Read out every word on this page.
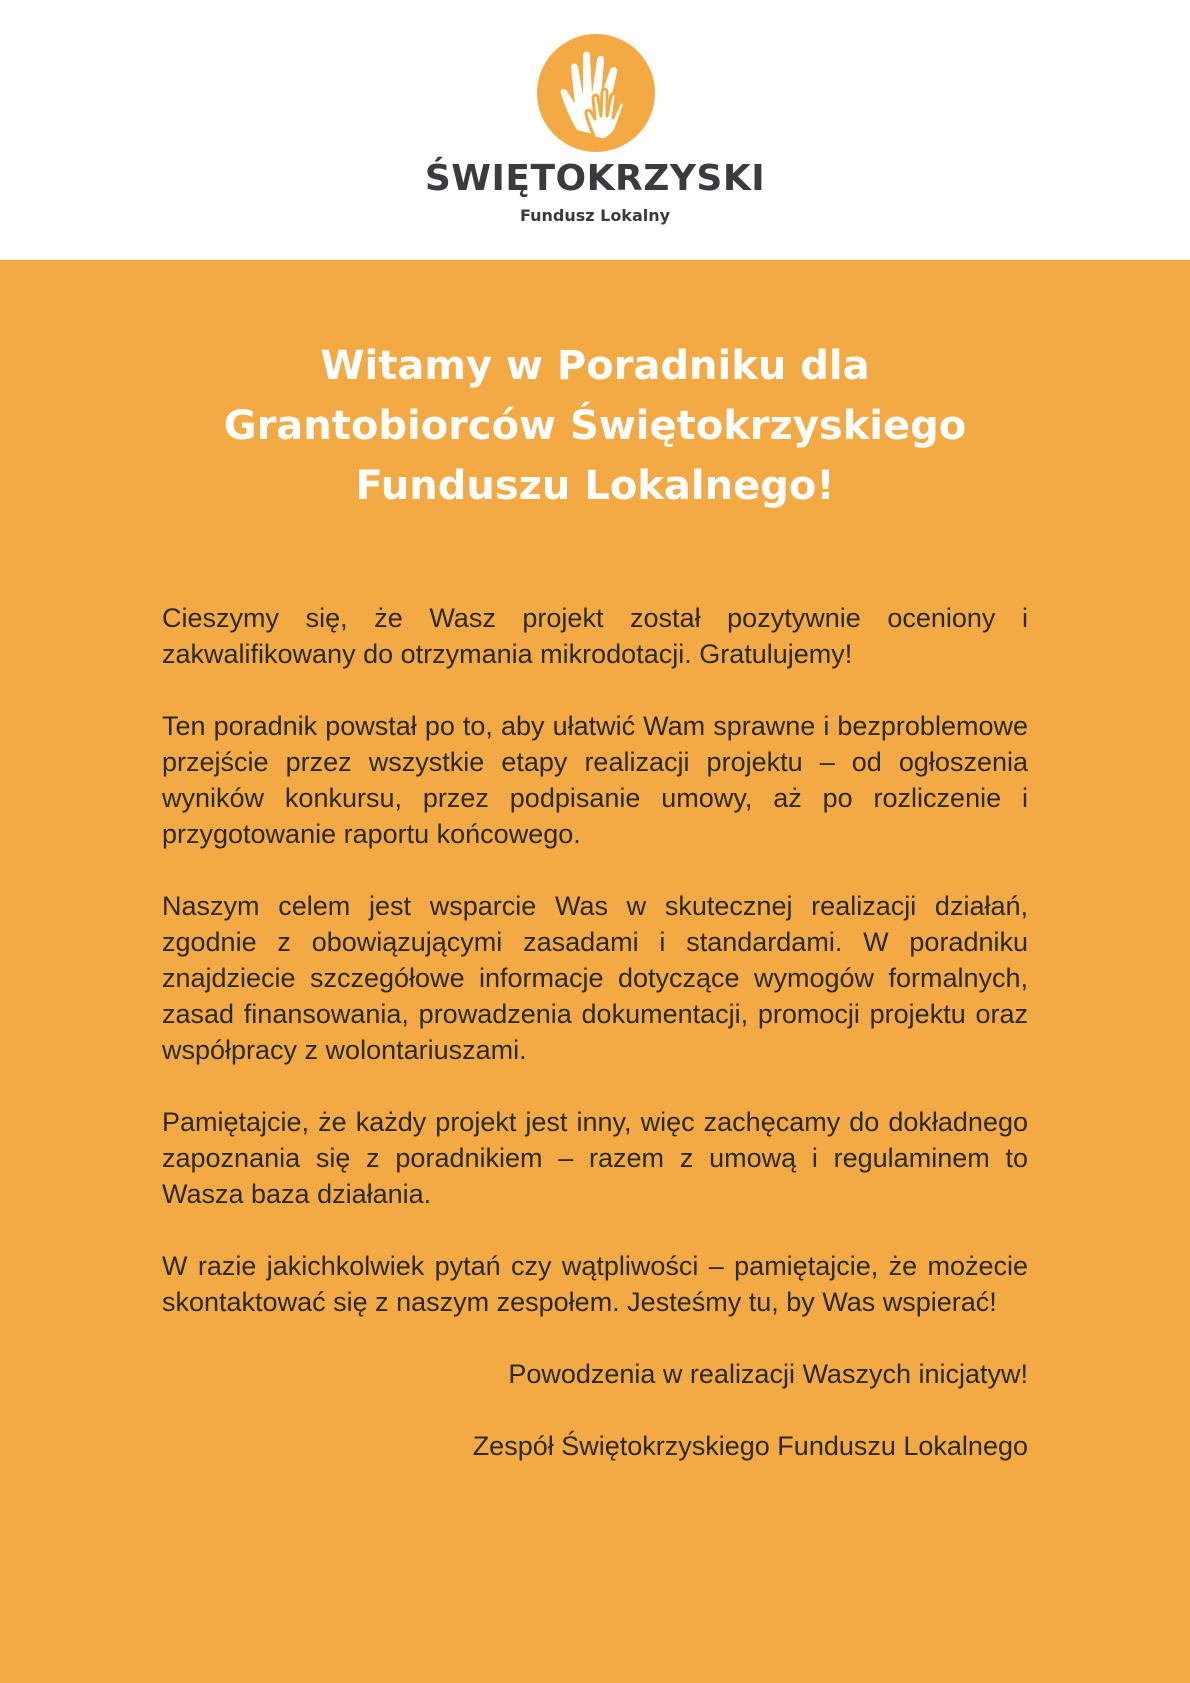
ŚWIĘTOKRZYSKI
Fundusz Lokalny
Witamy w Poradniku dla
Grantobiorców Świętokrzyskiego
Funduszu Lokalnego!

Cieszymy się, że Wasz projekt został pozytywnie oceniony i zakwalifikowany do otrzymania mikrodotacji. Gratulujemy!

Ten poradnik powstał po to, aby ułatwić Wam sprawne i bezproblemowe przejście przez wszystkie etapy realizacji projektu – od ogłoszenia wyników konkursu, przez podpisanie umowy, aż po rozliczenie i przygotowanie raportu końcowego.

Naszym celem jest wsparcie Was w skutecznej realizacji działań, zgodnie z obowiązującymi zasadami i standardami. W poradniku znajdziecie szczegółowe informacje dotyczące wymogów formalnych, zasad finansowania, prowadzenia dokumentacji, promocji projektu oraz współpracy z wolontariuszami.

Pamiętajcie, że każdy projekt jest inny, więc zachęcamy do dokładnego zapoznania się z poradnikiem – razem z umową i regulaminem to Wasza baza działania.

W razie jakichkolwiek pytań czy wątpliwości – pamiętajcie, że możecie skontaktować się z naszym zespołem. Jesteśmy tu, by Was wspierać!

Powodzenia w realizacji Waszych inicjatyw!

Zespół Świętokrzyskiego Funduszu Lokalnego
